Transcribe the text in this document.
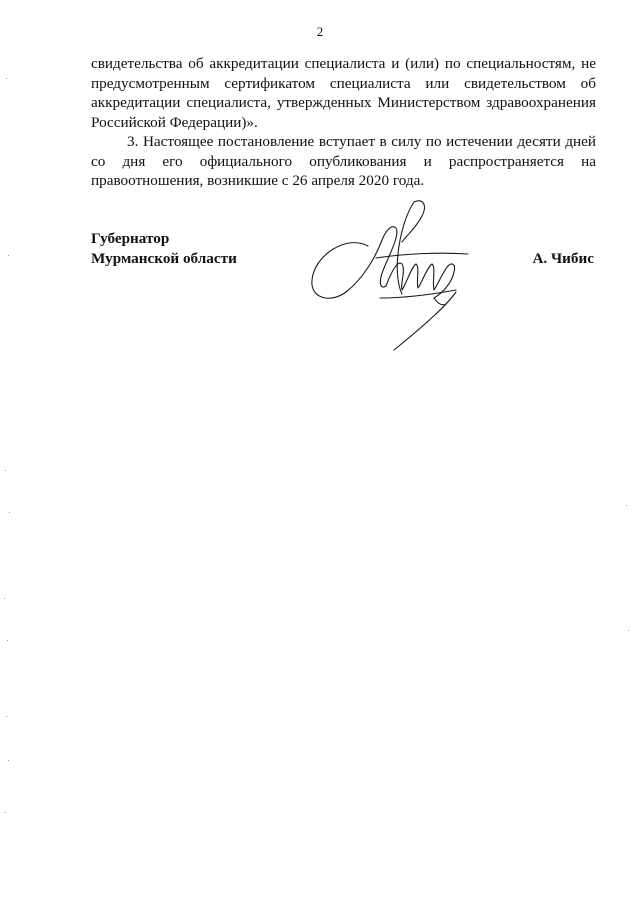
2

свидетельства об аккредитации специалиста и (или) по специальностям, не предусмотренным сертификатом специалиста или свидетельством об аккредитации специалиста, утвержденных Министерством здравоохранения Российской Федерации)».

3. Настоящее постановление вступает в силу по истечении десяти дней со дня его официального опубликования и распространяется на правоотношения, возникшие с 26 апреля 2020 года.

Губернатор
Мурманской области	А. Чибис
